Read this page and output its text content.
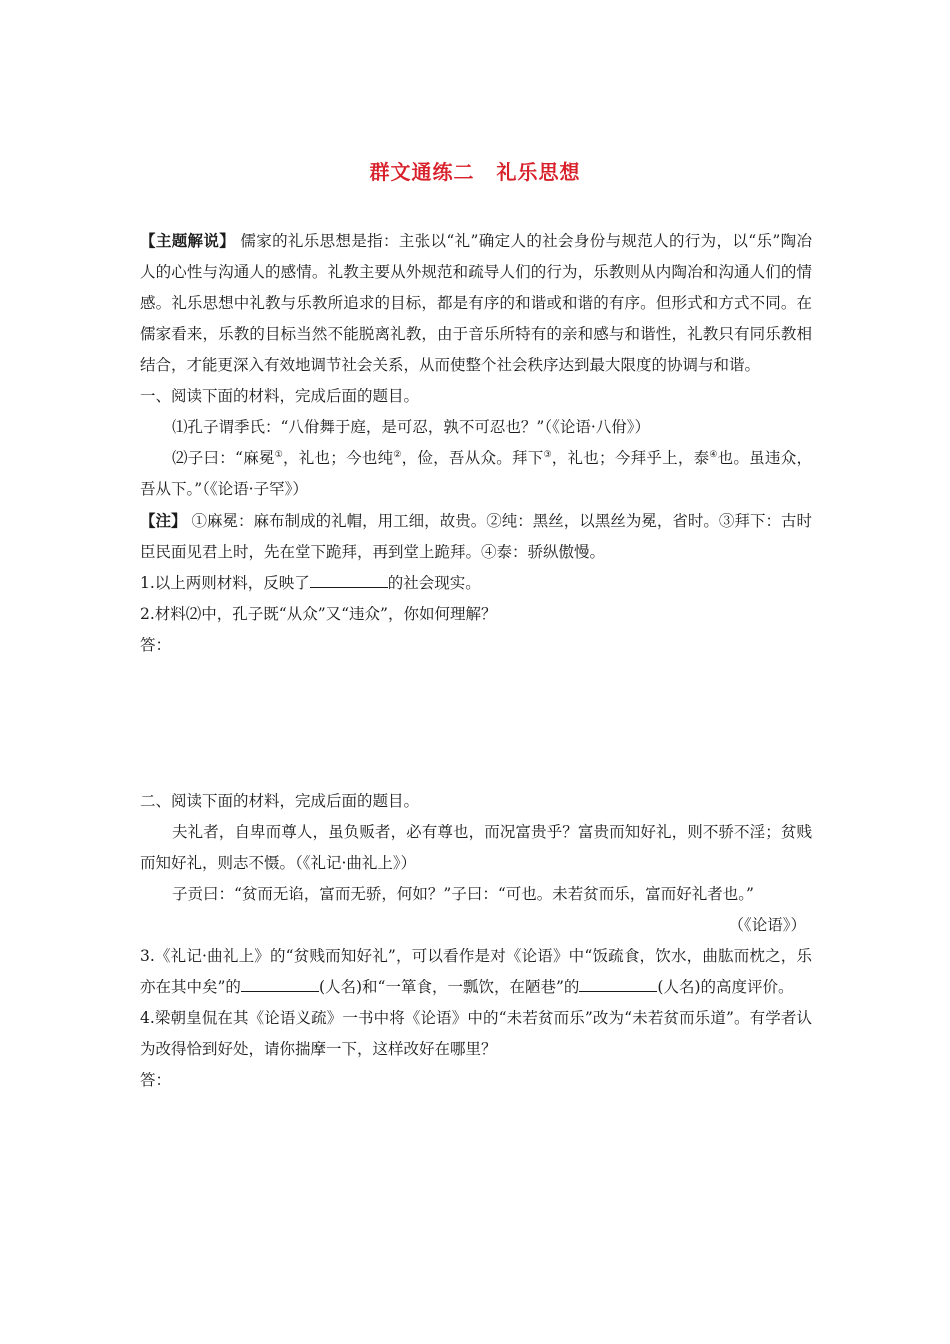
群文通练二 礼乐思想

【主题解说】 儒家的礼乐思想是指：主张以“礼”确定人的社会身份与规范人的行为，以“乐”陶冶人的心性与沟通人的感情。礼教主要从外规范和疏导人们的行为，乐教则从内陶冶和沟通人们的情感。礼乐思想中礼教与乐教所追求的目标，都是有序的和谐或和谐的有序。但形式和方式不同。在儒家看来，乐教的目标当然不能脱离礼教，由于音乐所特有的亲和感与和谐性，礼教只有同乐教相结合，才能更深入有效地调节社会关系，从而使整个社会秩序达到最大限度的协调与和谐。

一、阅读下面的材料，完成后面的题目。

⑴孔子谓季氏：“八佾舞于庭，是可忍，孰不可忍也？”（《论语·八佾》）

⑵子曰：“麻冕①，礼也；今也纯②，俭，吾从众。拜下③，礼也；今拜乎上，泰④也。虽违众，吾从下。”（《论语·子罕》）

【注】 ①麻冕：麻布制成的礼帽，用工细，故贵。②纯：黑丝，以黑丝为冕，省时。③拜下：古时臣民面见君上时，先在堂下跪拜，再到堂上跪拜。④泰：骄纵傲慢。

1.以上两则材料，反映了	的社会现实。

2.材料⑵中，孔子既“从众”又“违众”，你如何理解？

答：

二、阅读下面的材料，完成后面的题目。

夫礼者，自卑而尊人，虽负贩者，必有尊也，而况富贵乎？富贵而知好礼，则不骄不淫；贫贱而知好礼，则志不慑。（《礼记·曲礼上》）

子贡曰：“贫而无谄，富而无骄，何如？”子曰：“可也。未若贫而乐，富而好礼者也。”

（《论语》）

3.《礼记·曲礼上》的“贫贱而知好礼”，可以看作是对《论语》中“饭疏食，饮水，曲肱而枕之，乐亦在其中矣”的	(人名)和“一箪食，一瓢饮，在陋巷”的	(人名)的高度评价。

4.梁朝皇侃在其《论语义疏》一书中将《论语》中的“未若贫而乐”改为“未若贫而乐道”。有学者认为改得恰到好处，请你揣摩一下，这样改好在哪里？

答：
